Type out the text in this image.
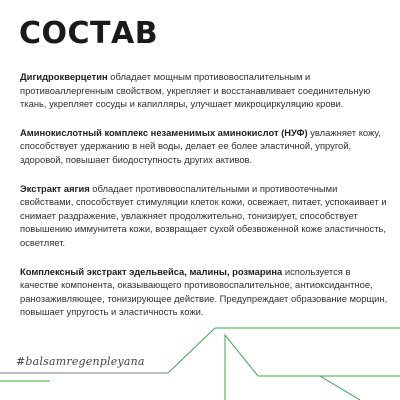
СОСТАВ

Дигидрокверцетин обладает мощным противовоспалительным и противоаллергенным свойством, укрепляет и восстанавливает соединительную ткань, укрепляет сосуды и капилляры, улучшает микроциркуляцию крови.

Аминокислотный комплекс незаменимых аминокислот (НУФ) увлажняет кожу, способствует удержанию в ней воды, делает ее более эластичной, упругой, здоровой, повышает биодоступность других активов.

Экстракт аягия обладает противовоспалительными и противоотечными свойствами, способствует стимуляции клеток кожи, освежает, питает, успокаивает и снимает раздражение, увлажняет продолжительно, тонизирует, способствует повышению иммунитета кожи, возвращает сухой обезвоженной коже эластичность, осветляет.

Комплексный экстракт эдельвейса, малины, розмарина используется в качестве компонента, оказывающего противовоспалительное, антиоксидантное, ранозаживляющее, тонизирующее действие. Предупреждает образование морщин, повышает упругость и эластичность кожи.

#balsamregenpleyana
